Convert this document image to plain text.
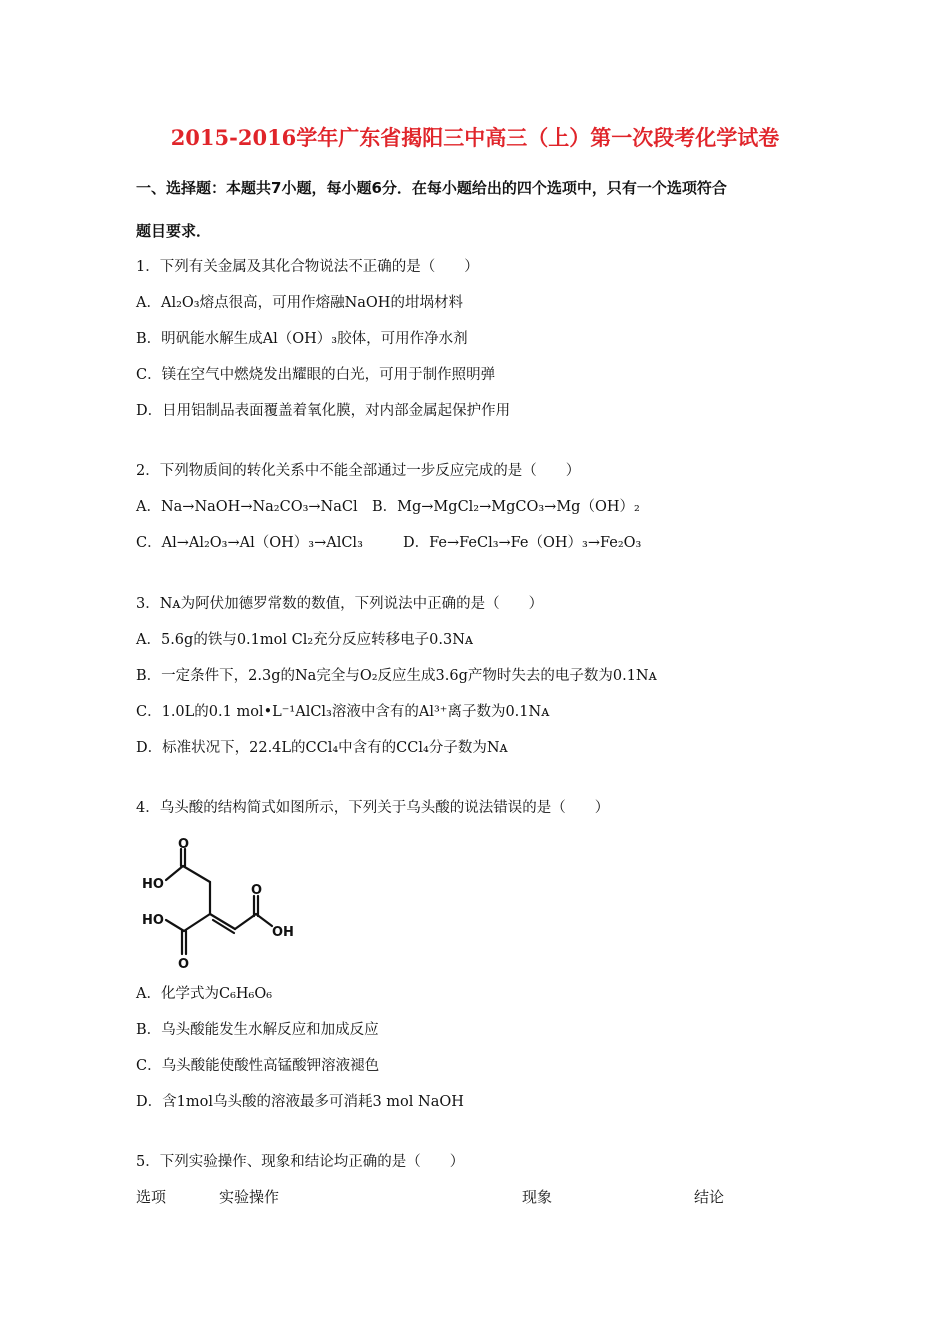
2015-2016学年广东省揭阳三中高三（上）第一次段考化学试卷
一、选择题：本题共7小题，每小题6分．在每小题给出的四个选项中，只有一个选项符合
题目要求．
1．下列有关金属及其化合物说法不正确的是（　　）
A．Al₂O₃熔点很高，可用作熔融NaOH的坩埚材料
B．明矾能水解生成Al（OH）₃胶体，可用作净水剂
C．镁在空气中燃烧发出耀眼的白光，可用于制作照明弹
D．日用铝制品表面覆盖着氧化膜，对内部金属起保护作用
2．下列物质间的转化关系中不能全部通过一步反应完成的是（　　）
A．Na→NaOH→Na₂CO₃→NaCl B．Mg→MgCl₂→MgCO₃→Mg（OH）₂
C．Al→Al₂O₃→Al（OH）₃→AlCl₃	D．Fe→FeCl₃→Fe（OH）₃→Fe₂O₃
3．Nᴀ为阿伏加德罗常数的数值，下列说法中正确的是（　　）
A．5.6g的铁与0.1mol Cl₂充分反应转移电子0.3Nᴀ
B．一定条件下，2.3g的Na完全与O₂反应生成3.6g产物时失去的电子数为0.1Nᴀ
C．1.0L的0.1 mol•L⁻¹AlCl₃溶液中含有的Al³⁺离子数为0.1Nᴀ
D．标准状况下，22.4L的CCl₄中含有的CCl₄分子数为Nᴀ
4．乌头酸的结构简式如图所示，下列关于乌头酸的说法错误的是（　　）
O
HO	O
HO
OH
O
A．化学式为C₆H₆O₆
B．乌头酸能发生水解反应和加成反应
C．乌头酸能使酸性高锰酸钾溶液褪色
D．含1mol乌头酸的溶液最多可消耗3 mol NaOH
5．下列实验操作、现象和结论均正确的是（　　）
选项	实验操作	现象	结论
